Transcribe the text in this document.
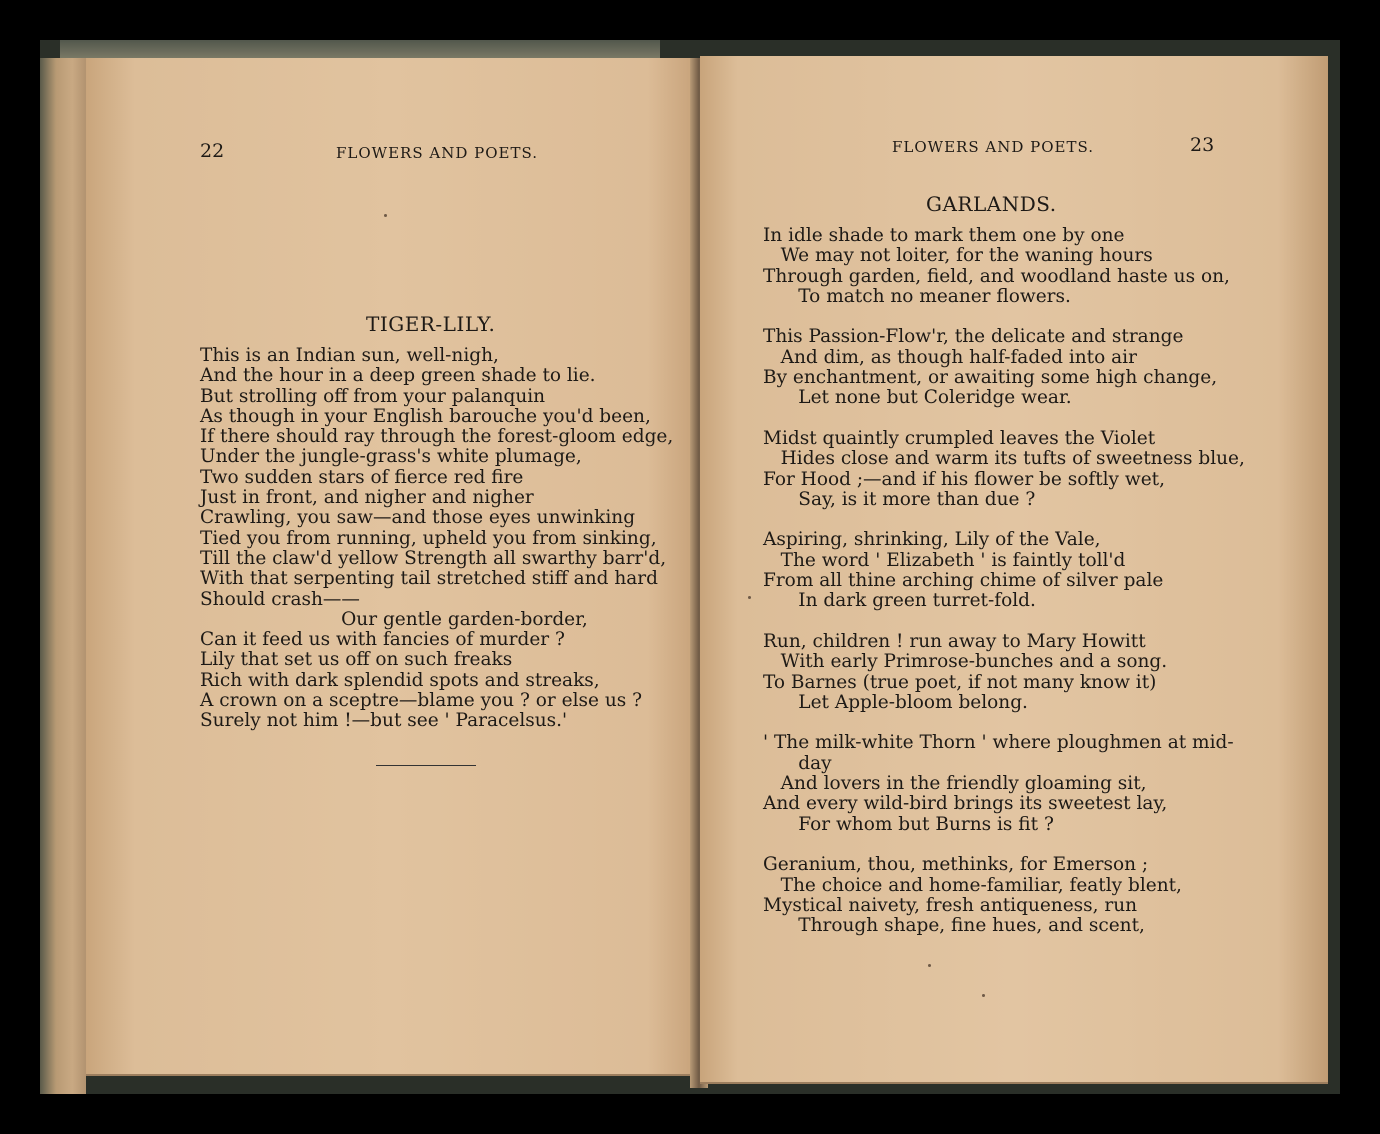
22	FLOWERS AND POETS.
TIGER-LILY.
This is an Indian sun, well-nigh,
And the hour in a deep green shade to lie.
But strolling off from your palanquin
As though in your English barouche you'd been,
If there should ray through the forest-gloom edge,
Under the jungle-grass's white plumage,
Two sudden stars of fierce red fire
Just in front, and nigher and nigher
Crawling, you saw—and those eyes unwinking
Tied you from running, upheld you from sinking,
Till the claw'd yellow Strength all swarthy barr'd,
With that serpenting tail stretched stiff and hard
Should crash——
Our gentle garden-border,
Can it feed us with fancies of murder ?
Lily that set us off on such freaks
Rich with dark splendid spots and streaks,
A crown on a sceptre—blame you ? or else us ?
Surely not him !—but see ' Paracelsus.'
FLOWERS AND POETS.	23
GARLANDS.
In idle shade to mark them one by one
We may not loiter, for the waning hours
Through garden, field, and woodland haste us on,
To match no meaner flowers.

This Passion-Flow'r, the delicate and strange
And dim, as though half-faded into air
By enchantment, or awaiting some high change,
Let none but Coleridge wear.

Midst quaintly crumpled leaves the Violet
Hides close and warm its tufts of sweetness blue,
For Hood ;—and if his flower be softly wet,
Say, is it more than due ?

Aspiring, shrinking, Lily of the Vale,
The word ' Elizabeth ' is faintly toll'd
From all thine arching chime of silver pale
In dark green turret-fold.

Run, children ! run away to Mary Howitt
With early Primrose-bunches and a song.
To Barnes (true poet, if not many know it)
Let Apple-bloom belong.

' The milk-white Thorn ' where ploughmen at mid-
day
And lovers in the friendly gloaming sit,
And every wild-bird brings its sweetest lay,
For whom but Burns is fit ?

Geranium, thou, methinks, for Emerson ;
The choice and home-familiar, featly blent,
Mystical naivety, fresh antiqueness, run
Through shape, fine hues, and scent,
